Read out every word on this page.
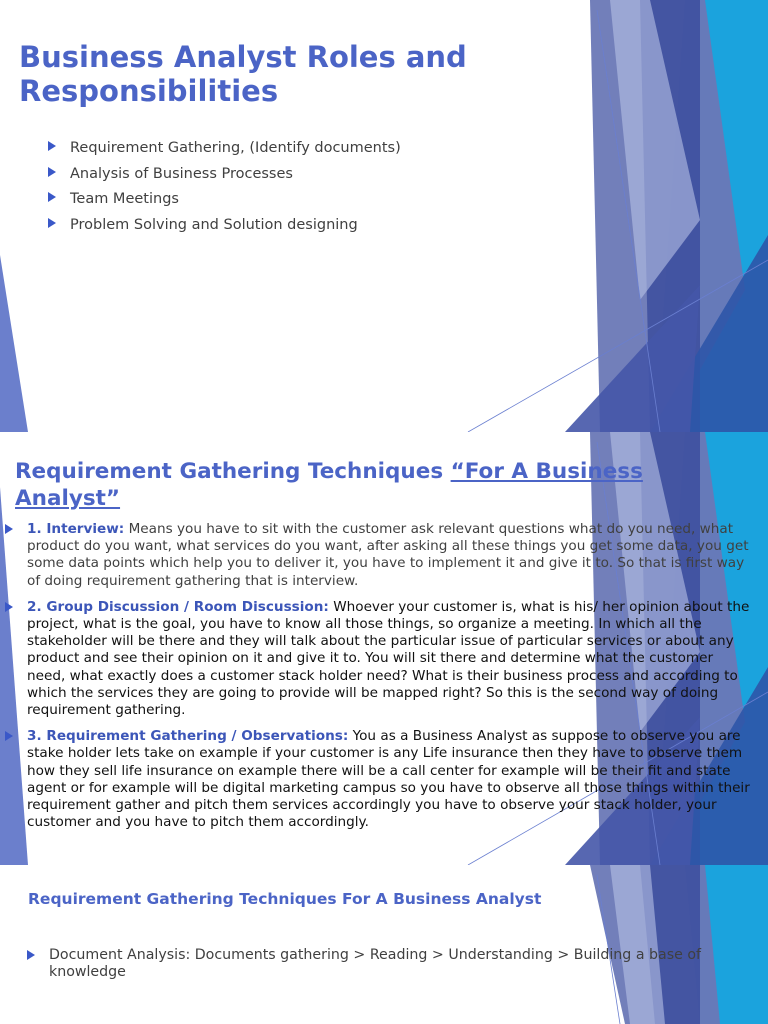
Business Analyst Roles and Responsibilities
Requirement Gathering, (Identify documents)
Analysis of Business Processes
Team Meetings
Problem Solving and Solution designing
Requirement Gathering Techniques “For A Business Analyst”
1. Interview: Means you have to sit with the customer ask relevant questions what do you need, what product do you want, what services do you want, after asking all these things you get some data, you get some data points which help you to deliver it, you have to implement it and give it to. So that is first way of doing requirement gathering that is interview.
2. Group Discussion / Room Discussion: Whoever your customer is, what is his/ her opinion about the project, what is the goal, you have to know all those things, so organize a meeting. In which all the stakeholder will be there and they will talk about the particular issue of particular services or about any product and see their opinion on it and give it to. You will sit there and determine what the customer need, what exactly does a customer stack holder need? What is their business process and according to which the services they are going to provide will be mapped right? So this is the second way of doing requirement gathering.
3. Requirement Gathering / Observations: You as a Business Analyst as suppose to observe you are stake holder lets take on example if your customer is any Life insurance then they have to observe them how they sell life insurance on example there will be a call center for example will be their fit and state agent or for example will be digital marketing campus so you have to observe all those things within their requirement gather and pitch them services accordingly you have to observe your stack holder, your customer and you have to pitch them accordingly.
Requirement Gathering Techniques For A Business Analyst
Document Analysis: Documents gathering > Reading > Understanding > Building a base of knowledge
